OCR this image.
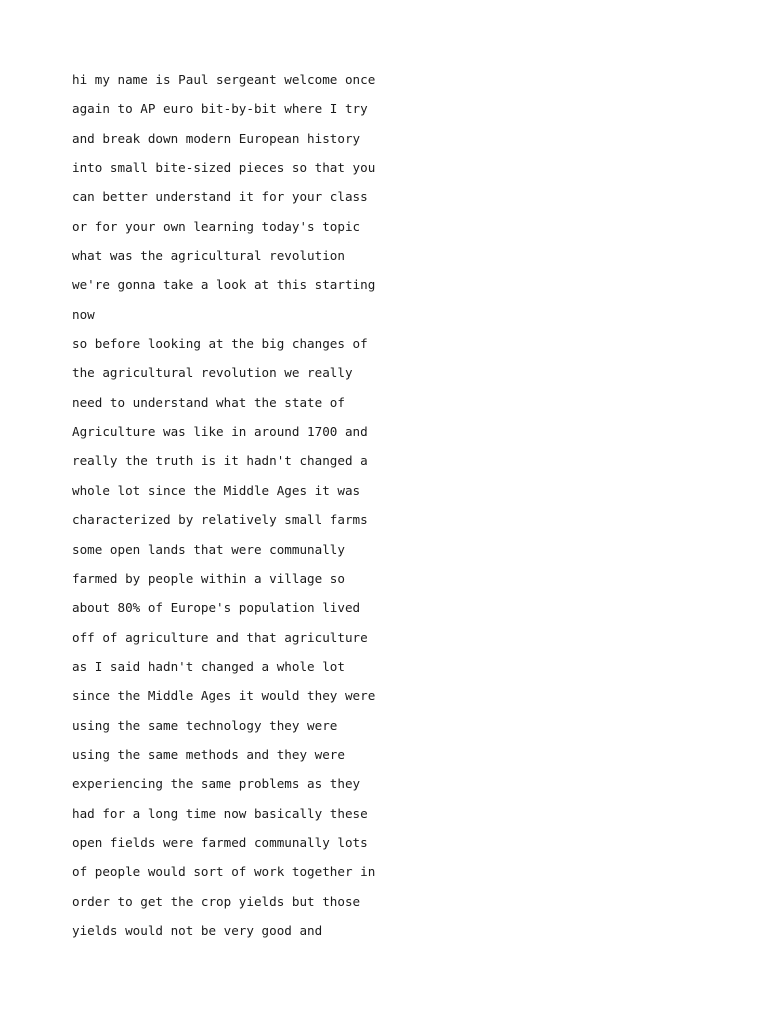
hi my name is Paul sergeant welcome once

again to AP euro bit-by-bit where I try

and break down modern European history

into small bite-sized pieces so that you

can better understand it for your class

or for your own learning today's topic

what was the agricultural revolution

we're gonna take a look at this starting

now

so before looking at the big changes of

the agricultural revolution we really

need to understand what the state of

Agriculture was like in around 1700 and

really the truth is it hadn't changed a

whole lot since the Middle Ages it was

characterized by relatively small farms

some open lands that were communally

farmed by people within a village so

about 80% of Europe's population lived

off of agriculture and that agriculture

as I said hadn't changed a whole lot

since the Middle Ages it would they were

using the same technology they were

using the same methods and they were

experiencing the same problems as they

had for a long time now basically these

open fields were farmed communally lots

of people would sort of work together in

order to get the crop yields but those

yields would not be very good and
